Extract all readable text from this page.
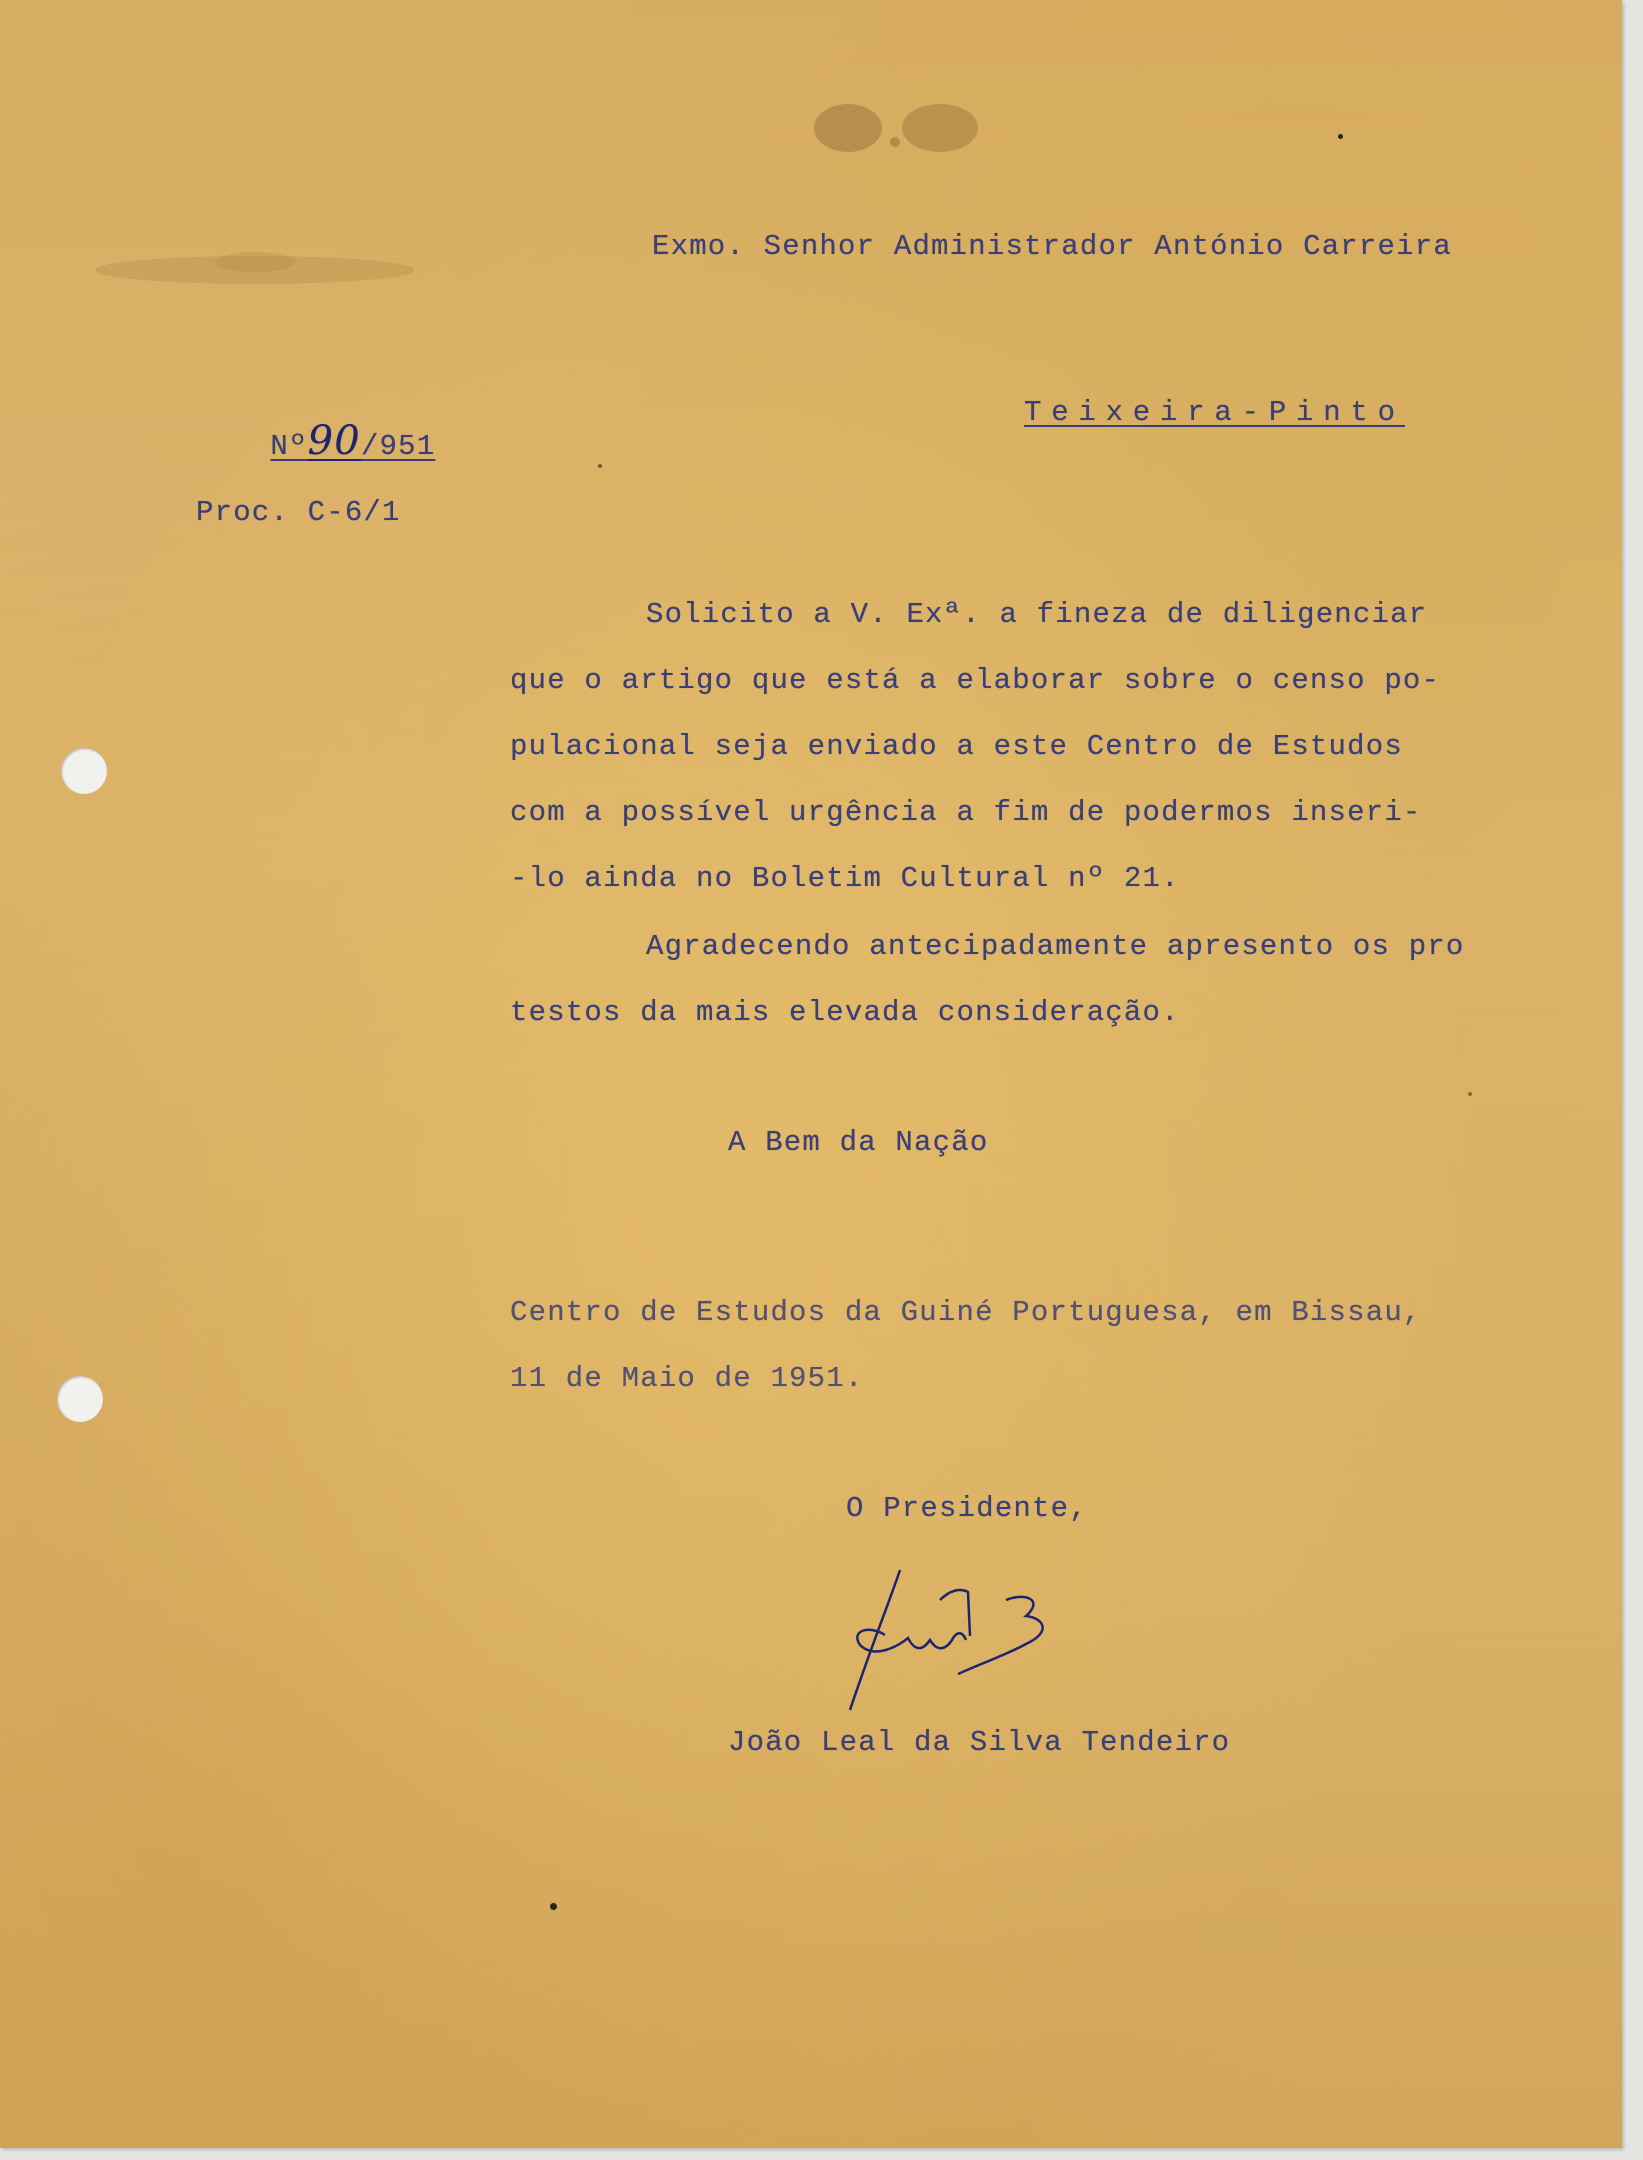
Exmo. Senhor Administrador António Carreira

Nº90/951

Teixeira-Pinto
Proc. C-6/1
Solicito a V. Exª. a fineza de diligenciar
que o artigo que está a elaborar sobre o censo po-
pulacional seja enviado a este Centro de Estudos
com a possível urgência a fim de podermos inseri-
-lo ainda no Boletim Cultural nº 21.
Agradecendo antecipadamente apresento os pro
testos da mais elevada consideração.
A Bem da Nação
Centro de Estudos da Guiné Portuguesa, em Bissau,
11 de Maio de 1951.
O Presidente,
João Leal da Silva Tendeiro
